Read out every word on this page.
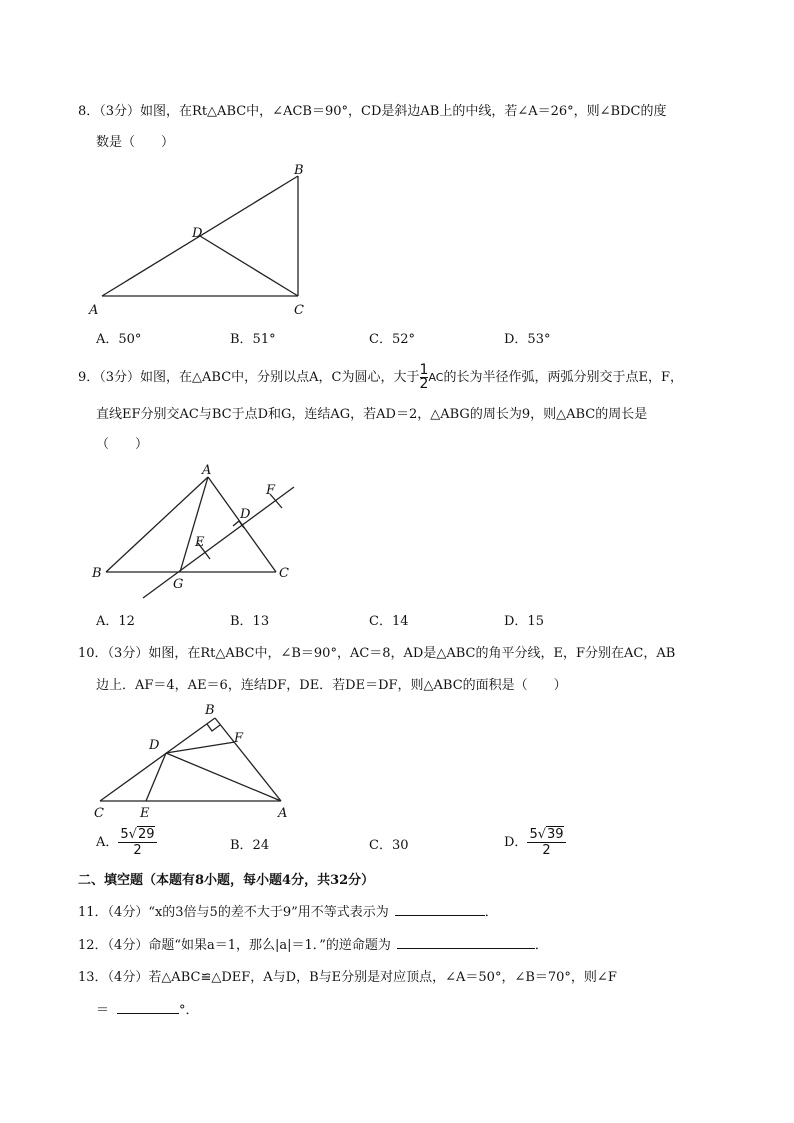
8．（3分）如图，在Rt△ABC中，∠ACB＝90°，CD是斜边AB上的中线，若∠A＝26°，则∠BDC的度
数是（　　）
A
B
C
D
A．50°	B．51°	C．52°	D．53°
9．（3分）如图，在△ABC中，分别以点A，C为圆心，大于 $\frac{1}{2}$ AC的长为半径作弧，两弧分别交于点E，F，
直线EF分别交AC与BC于点D和G，连结AG，若AD＝2，△ABG的周长为9，则△ABC的周长是
（　　）
A
B	C
D
E
F
G
A．12	B．13	C．14	D．15
10．（3分）如图，在Rt△ABC中，∠B＝90°，AC＝8，AD是△ABC的角平分线，E，F分别在AC，AB
边上．AF＝4，AE＝6，连结DF，DE．若DE＝DF，则△ABC的面积是（　　）
C	E	A
B
D	F
A． $\frac{5√29}{2}$	B．24	C．30	D． $\frac{5√39}{2}$
二、填空题（本题有8小题，每小题4分，共32分）
11．（4分）“x的3倍与5的差不大于9”用不等式表示为	．
12．（4分）命题“如果a＝1，那么|a|＝1．”的逆命题为	．
13．（4分）若△ABC≌△DEF，A与D，B与E分别是对应顶点，∠A＝50°，∠B＝70°，则∠F
＝	°．
